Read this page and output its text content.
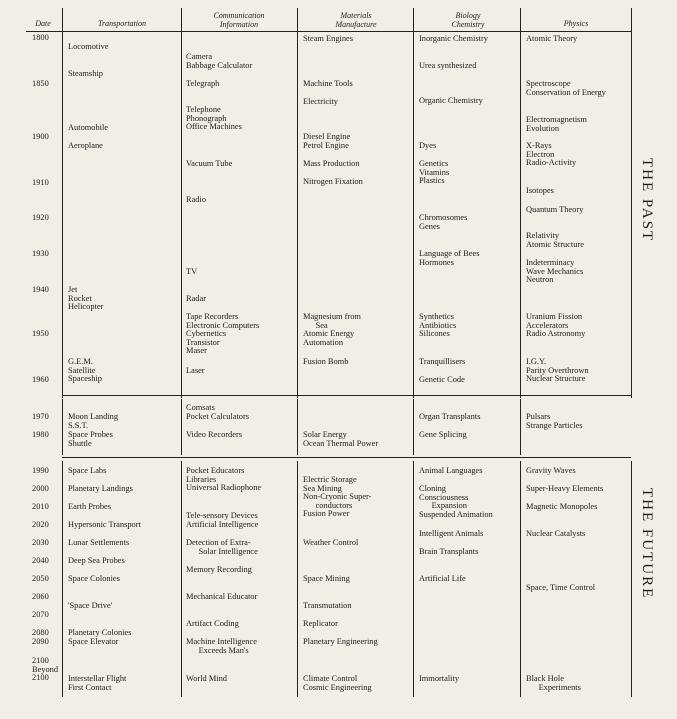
Date	Transportation
Communication
Information
Materials
Manufacture
Biology
Chemistry	Physics
THE PAST
THE FUTURE
1800
1850
1900
1910
1920
1930
1940
1950
1960
1970
1980
1990
2000
2010
2020
2030
2040
2050
2060
2070
2080
2090
2100
Beyond
2100
Locomotive
Steamship
Automobile
Aeroplane
Jet
Rocket
Helicopter
G.E.M.
Satellite
Spaceship
Moon Landing
S.S.T.
Space Probes
Shuttle
Space Labs
Planetary Landings
Earth Probes
Hypersonic Transport
Lunar Settlements
Deep Sea Probes
Space Colonies
'Space Drive'
Planetary Colonies
Space Elevator
Interstellar Flight
First Contact
Camera
Babbage Calculator
Telegraph
Telephone
Phonograph
Office Machines
Vacuum Tube
Radio
TV
Radar
Tape Recorders
Electronic Computers
Cybernetics
Transistor
Maser
Laser
Comsats
Pocket Calculators
Video Recorders
Pocket Educators
Libraries
Universal Radiophone
Tele-sensory Devices
Artificial Intelligence
Detection of Extra-
Solar Intelligence
Memory Recording
Mechanical Educator
Artifact Coding
Machine Intelligence
Exceeds Man's
World Mind
Steam Engines
Machine Tools
Electricity
Diesel Engine
Petrol Engine
Mass Production
Nitrogen Fixation
Magnesium from
Sea
Atomic Energy
Automation
Fusion Bomb
Solar Energy
Ocean Thermal Power
Electric Storage
Sea Mining
Non-Cryonic Super-
conductors
Fusion Power
Weather Control
Space Mining
Transmutation
Replicator
Planetary Engineering
Climate Control
Cosmic Engineering
Inorganic Chemistry
Urea synthesized
Organic Chemistry
Dyes
Genetics
Vitamins
Plastics
Chromosomes
Genes
Language of Bees
Hormones
Synthetics
Antibiotics
Silicones
Tranquillisers
Genetic Code
Organ Transplants
Gene Splicing
Animal Languages
Cloning
Consciousness
Expansion
Suspended Animation
Intelligent Animals
Brain Transplants
Artificial Life
Immortality
Atomic Theory
Spectroscope
Conservation of Energy
Electromagnetism
Evolution
X-Rays
Electron
Radio-Activity
Isotopes
Quantum Theory
Relativity
Atomic Structure
Indeterminacy
Wave Mechanics
Neutron
Uranium Fission
Accelerators
Radio Astronomy
I.G.Y.
Parity Overthrown
Nuclear Structure
Pulsars
Strange Particles
Gravity Waves
Super-Heavy Elements
Magnetic Monopoles
Nuclear Catalysts
Space, Time Control
Black Hole
Experiments
